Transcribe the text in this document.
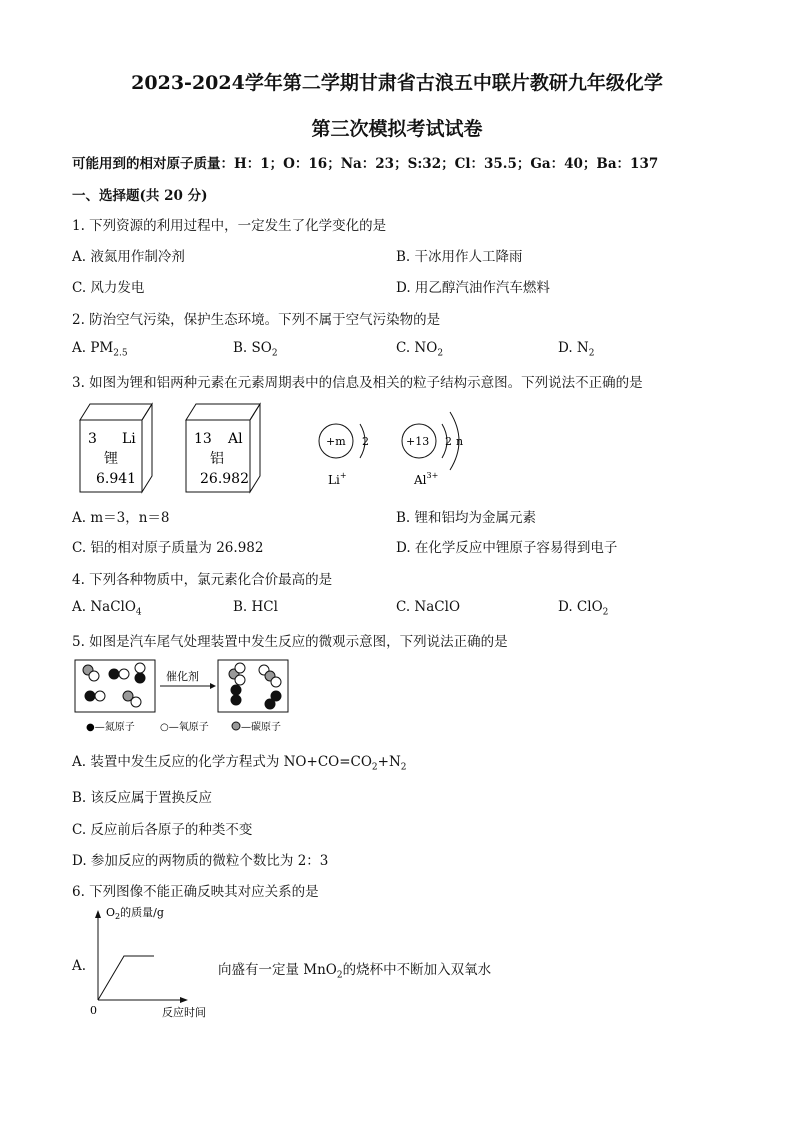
2023-2024学年第二学期甘肃省古浪五中联片教研九年级化学
第三次模拟考试试卷
可能用到的相对原子质量：H：1；O：16；Na：23；S:32；Cl：35.5；Ga：40；Ba：137
一、选择题(共 20 分)
1. 下列资源的利用过程中，一定发生了化学变化的是
A. 液氮用作制冷剂	B. 干冰用作人工降雨
C. 风力发电	D. 用乙醇汽油作汽车燃料
2. 防治空气污染，保护生态环境。下列不属于空气污染物的是
A. $PM_{2.5}$	B. $SO_2$	C. $NO_2$	D. $N_2$
3. 如图为锂和铝两种元素在元素周期表中的信息及相关的粒子结构示意图。下列说法不正确的是
3 Li
锂
6.941
13 Al
铝
26.982
+m 2
Li+
+13 2 n
$Al^{3+}$
A. m＝3，n＝8	B. 锂和铝均为金属元素
C. 铝的相对原子质量为 26.982	D. 在化学反应中锂原子容易得到电子
4. 下列各种物质中，氯元素化合价最高的是
A. NaClO$_4$	B. HCl	C. NaClO	D. ClO$_2$
5. 如图是汽车尾气处理装置中发生反应的微观示意图，下列说法正确的是
催化剂
●—氮原子	○—氧原子	—碳原子
A. 装置中发生反应的化学方程式为 $NO+CO=CO_2+N_2$
B. 该反应属于置换反应
C. 反应前后各原子的种类不变
D. 参加反应的两物质的微粒个数比为 2：3
6. 下列图像不能正确反映其对应关系的是
A.
$O_2$的质量/g
0	反应时间
向盛有一定量 MnO$_2$的烧杯中不断加入双氧水
